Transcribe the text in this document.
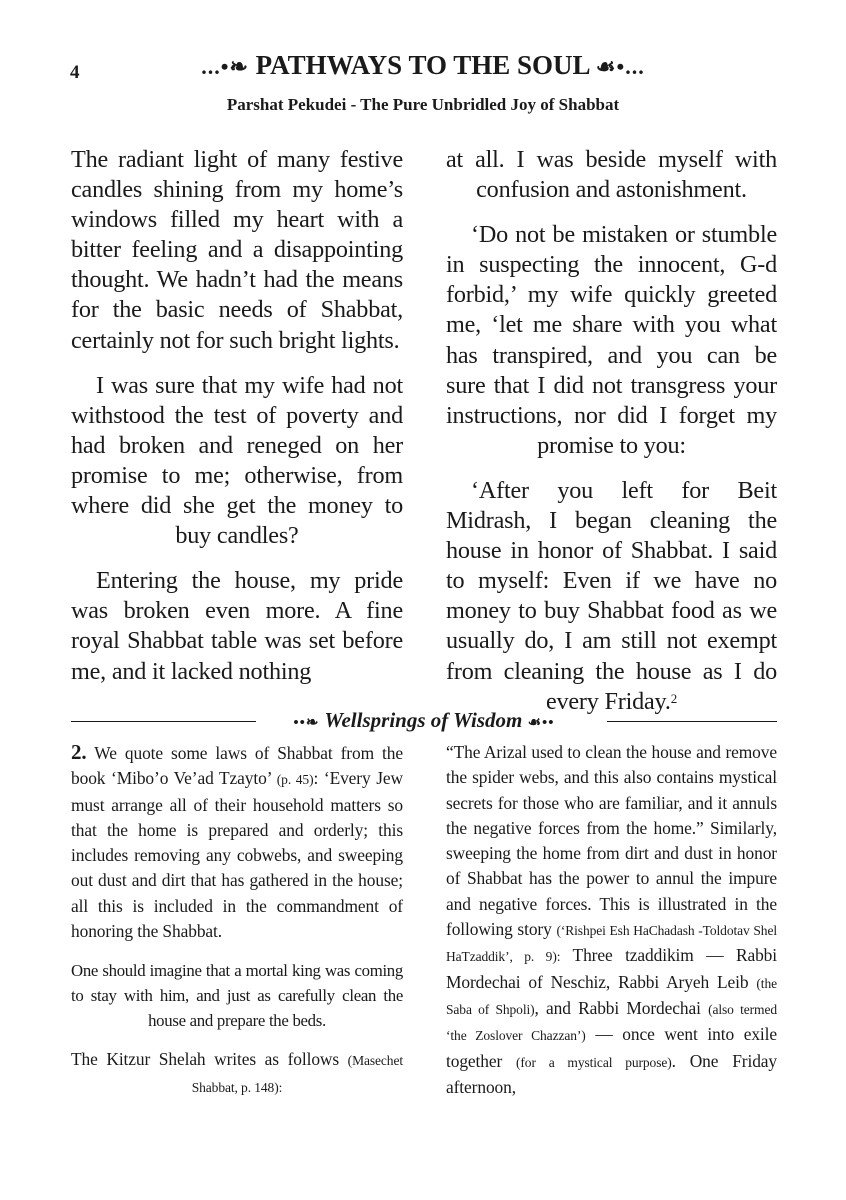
4	...•❧ PATHWAYS TO THE SOUL ☙•...
Parshat Pekudei - The Pure Unbridled Joy of Shabbat

The radiant light of many festive candles shining from my home’s windows filled my heart with a bitter feeling and a disappointing thought. We hadn’t had the means for the basic needs of Shabbat, certainly not for such bright lights.

I was sure that my wife had not withstood the test of poverty and had broken and reneged on her promise to me; otherwise, from where did she get the money to buy candles?

Entering the house, my pride was broken even more. A fine royal Shabbat table was set before me, and it lacked nothing

at all. I was beside myself with confusion and astonishment.

‘Do not be mistaken or stumble in suspecting the innocent, G-d forbid,’ my wife quickly greeted me, ‘let me share with you what has transpired, and you can be sure that I did not transgress your instructions, nor did I forget my promise to you:

‘After you left for Beit Midrash, I began cleaning the house in honor of Shabbat. I said to myself: Even if we have no money to buy Shabbat food as we usually do, I am still not exempt from cleaning the house as I do every Friday.$^2$

••❧ Wellsprings of Wisdom ☙••

2. We quote some laws of Shabbat from the book ‘Mibo’o Ve’ad Tzayto’ (p. 45): ‘Every Jew must arrange all of their household matters so that the home is prepared and orderly; this includes removing any cobwebs, and sweeping out dust and dirt that has gathered in the house; all this is included in the commandment of honoring the Shabbat.

One should imagine that a mortal king was coming to stay with him, and just as carefully clean the house and prepare the beds.

The Kitzur Shelah writes as follows (Masechet Shabbat, p. 148):

“The Arizal used to clean the house and remove the spider webs, and this also contains mystical secrets for those who are familiar, and it annuls the negative forces from the home.” Similarly, sweeping the home from dirt and dust in honor of Shabbat has the power to annul the impure and negative forces. This is illustrated in the following story (‘Rishpei Esh HaChadash -Toldotav Shel HaTzaddik’, p. 9): Three tzaddikim — Rabbi Mordechai of Neschiz, Rabbi Aryeh Leib (the Saba of Shpoli), and Rabbi Mordechai (also termed ‘the Zoslover Chazzan’) — once went into exile together (for a mystical purpose). One Friday afternoon,
